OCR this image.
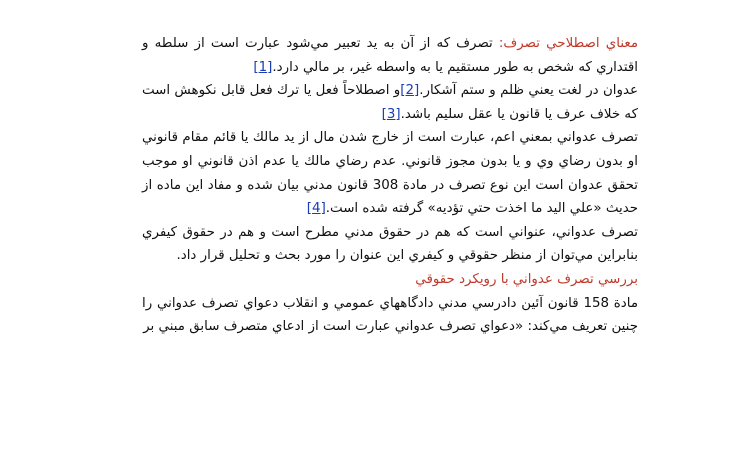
معناي اصطلاحي تصرف: تصرف كه از آن به يد تعبير مي‌شود عبارت است از سلطه و اقتداري كه شخص به طور مستقيم يا به واسطه غير، بر مالي دارد.[1]

عدوان در لغت يعني ظلم و ستم آشكار.[2]و اصطلاحاً فعل يا ترك فعل قابل نكوهش است كه خلاف عرف يا قانون يا عقل سليم باشد.[3]

تصرف عدواني بمعني اعم، عبارت است از خارج شدن مال از يد مالك يا قائم مقام قانوني او بدون رضاي وي و يا بدون مجوز قانوني. عدم رضاي مالك يا عدم اذن قانوني او موجب تحقق عدوان است اين نوع تصرف در مادة 308 قانون مدني بيان شده و مفاد اين ماده از حديث «علي اليد ما اخذت حتي تؤديه» گرفته شده است.[4]

تصرف عدواني، عنواني است كه هم در حقوق مدني مطرح است و هم در حقوق كيفري بنابراين مي‌توان از منظر حقوقي و كيفري اين عنوان را مورد بحث و تحليل قرار داد.

بررسي تصرف عدواني با رويكرد حقوقي

مادة 158 قانون آئين دادرسي مدني دادگاههاي عمومي و انقلاب دعواي تصرف عدواني را چنين تعريف مي‌كند: «دعواي تصرف عدواني عبارت است از ادعاي متصرف سابق مبني بر
